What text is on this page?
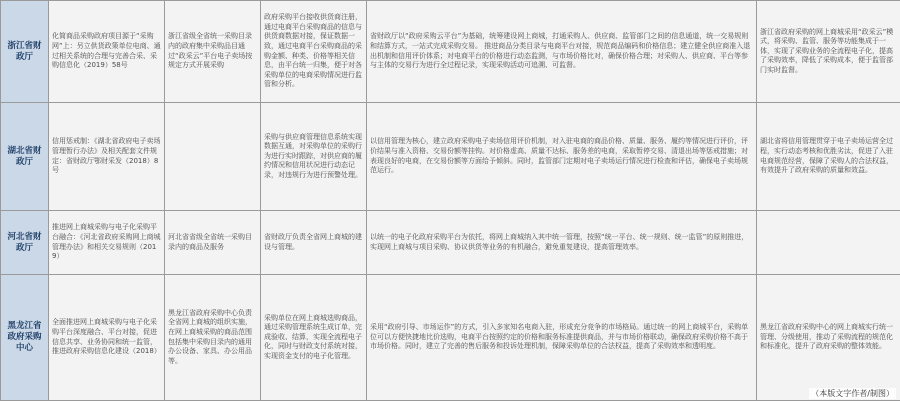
浙江省财政厅	化简商品采购政府项目源于“采购网”上：另立供货政策单位电商、通过相关系统的合理与完善合采、采购信息化（2019）58号	浙江省级全省统一采购目录内的政府集中采购品目通过“政采云”平台电子卖场按规定方式开展采购	政府采购平台接收供货商注册，通过电商平台采购商品的信息与供货商数据对接，保证数据一致，通过电商平台采购商品的采购金额、种类、价格等相关信息，由平台统一归集，便于对各采购单位的电商采购情况进行监管和分析。	省财政厅以“政府采购云平台”为基础，统筹建设网上商城，打通采购人、供应商、监管部门之间的信息通道，统一交易规则和结算方式，一站式完成采购交易。 推进商品分类目录与电商平台对接，规范商品编码和价格信息；建立健全供应商准入退出机制和信用评价体系；对电商平台的价格进行动态监测，与市场价格比对，确保价格合理；对采购人、供应商、平台等参与主体的交易行为进行全过程记录，实现采购活动可追溯、可监督。	浙江省政府采购的网上商城采用“政采云”模式，将采购、监管、服务等功能集成于一体，实现了采购业务的全流程电子化，提高了采购效率，降低了采购成本，便于监管部门实时监督。
湖北省财政厅	信用惩戒制：《湖北省政府电子卖场管理暂行办法》及相关配套文件规定：省财政厅鄂财采发（2018）8号		采购与供应商管理信息系统实现数据互通，对采购单位的采购行为进行实时跟踪，对供应商的履约情况和信用状况进行动态记录，对违规行为进行预警处理。	以信用管理为核心，建立政府采购电子卖场信用评价机制，对入驻电商的商品价格、质量、服务、履约等情况进行评价，评价结果与准入资格、交易份额等挂钩。对价格虚高、质量不达标、服务差的电商，采取暂停交易、清退出场等惩戒措施；对表现良好的电商，在交易份额等方面给予倾斜。同时，监管部门定期对电子卖场运行情况进行检查和评估，确保电子卖场规范运行。	湖北省将信用管理贯穿于电子卖场运营全过程，实行动态考核和优胜劣汰，促进了入驻电商规范经营，保障了采购人的合法权益，有效提升了政府采购的质量和效益。
河北省财政厅	推进网上商城采购与电子化采购平台融合：《河北省政府采购网上商城管理办法》和相关交易规则（2019）	河北省省级全省统一采购目录内的商品及服务	省财政厅负责全省网上商城的建设与管理。	以统一的电子化政府采购平台为依托，将网上商城纳入其中统一管理，按照“统一平台、统一规则、统一监管”的原则推进，实现网上商城与项目采购、协议供货等业务的有机融合，避免重复建设，提高管理效率。	
黑龙江省政府采购中心	全面推进网上商城采购与电子化采购平台深度融合、平台对接，促进信息共享、业务协同和统一监管，推进政府采购信息化建设（2018）	黑龙江省政府采购中心负责全省网上商城的组织实施，在网上商城采购的商品范围包括集中采购目录内的通用办公设备、家具、办公用品等。	采购单位在网上商城选购商品，通过采购管理系统生成订单，完成验收、结算，实现全流程电子化，同时与财政支付系统对接，实现资金支付的电子化管理。	采用“政府引导、市场运作”的方式，引入多家知名电商入驻，形成充分竞争的市场格局。通过统一的网上商城平台，采购单位可以方便快捷地比价选购，电商平台按照约定的价格和服务标准提供商品，并与市场价格联动，确保政府采购价格不高于市场价格。同时，建立了完善的售后服务和投诉处理机制，保障采购单位的合法权益，提高了采购效率和透明度。	黑龙江省政府采购中心的网上商城实行统一管理、分级使用，推动了采购流程的规范化和标准化，提升了政府采购的整体效能。
（本版文字作者/制图）
